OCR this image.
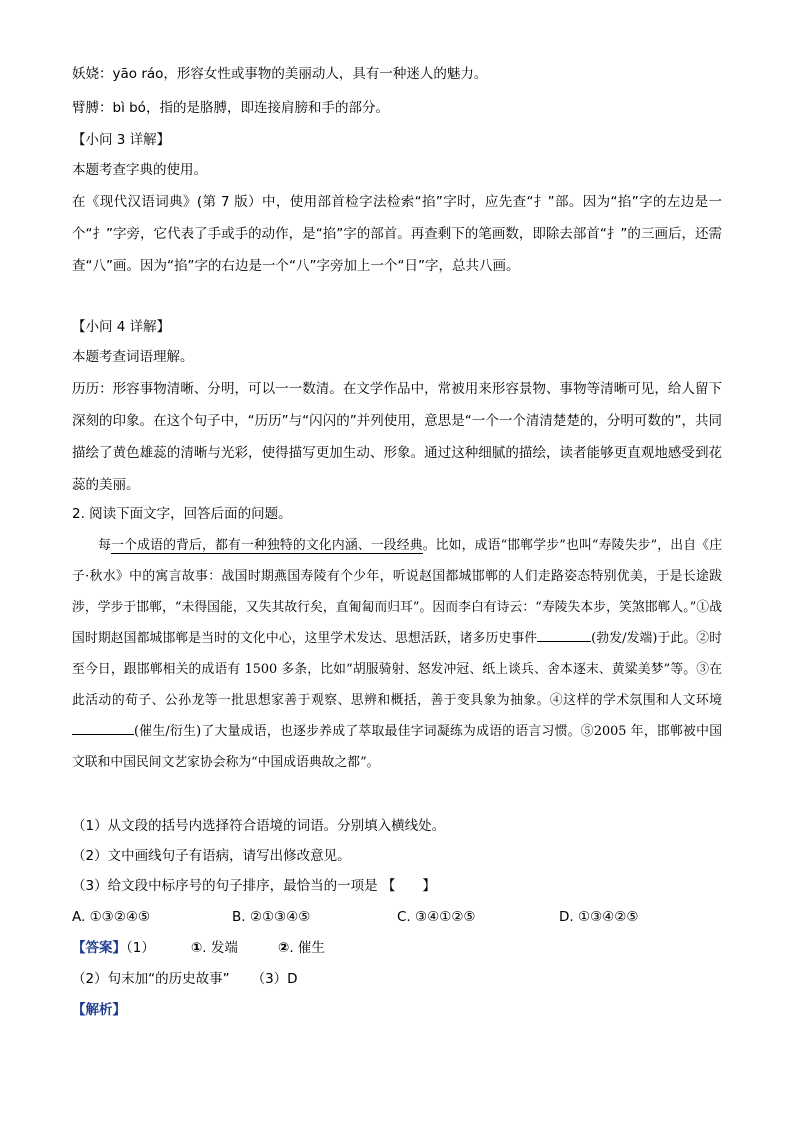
妖娆：yāo ráo，形容女性或事物的美丽动人，具有一种迷人的魅力。
臂膊：bì bó，指的是胳膊，即连接肩膀和手的部分。
【小问 3 详解】
本题考查字典的使用。
在《现代汉语词典》(第 7 版）中，使用部首检字法检索“掐”字时，应先查“扌”部。因为“掐”字的左边是一个“扌”字旁，它代表了手或手的动作，是“掐”字的部首。再查剩下的笔画数，即除去部首“扌”的三画后，还需查“八”画。因为“掐”字的右边是一个“八”字旁加上一个“日”字，总共八画。
【小问 4 详解】
本题考查词语理解。
历历：形容事物清晰、分明，可以一一数清。在文学作品中，常被用来形容景物、事物等清晰可见，给人留下深刻的印象。在这个句子中，“历历”与“闪闪的”并列使用，意思是“一个一个清清楚楚的，分明可数的”，共同描绘了黄色雄蕊的清晰与光彩，使得描写更加生动、形象。通过这种细腻的描绘，读者能够更直观地感受到花蕊的美丽。
2. 阅读下面文字，回答后面的问题。
每一个成语的背后，都有一种独特的文化内涵、一段经典。比如，成语“邯郸学步”也叫“寿陵失步”，出自《庄子·秋水》中的寓言故事：战国时期燕国寿陵有个少年，听说赵国都城邯郸的人们走路姿态特别优美，于是长途跋涉，学步于邯郸，“未得国能，又失其故行矣，直匍匐而归耳”。因而李白有诗云：“寿陵失本步，笑煞邯郸人。”①战国时期赵国都城邯郸是当时的文化中心，这里学术发达、思想活跃，诸多历史事件	(勃发/发端)于此。②时至今日，跟邯郸相关的成语有 1500 多条，比如“胡服骑射、怒发冲冠、纸上谈兵、舍本逐末、黄粱美梦”等。③在此活动的荀子、公孙龙等一批思想家善于观察、思辨和概括，善于变具象为抽象。④这样的学术氛围和人文环境(催生/衍生)了大量成语，也逐步养成了萃取最佳字词凝练为成语的语言习惯。⑤2005 年，邯郸被中国文联和中国民间文艺家协会称为“中国成语典故之都”。
（1）从文段的括号内选择符合语境的词语。分别填入横线处。
（2）文中画线句子有语病，请写出修改意见。
（3）给文段中标序号的句子排序，最恰当的一项是 【　　】
A. ①③②④⑤	B. ②①③④⑤	C. ③④①②⑤	D. ①③④②⑤
【答案】（1）	①. 发端	②. 催生
（2）句末加“的历史故事” （3）D
【解析】
